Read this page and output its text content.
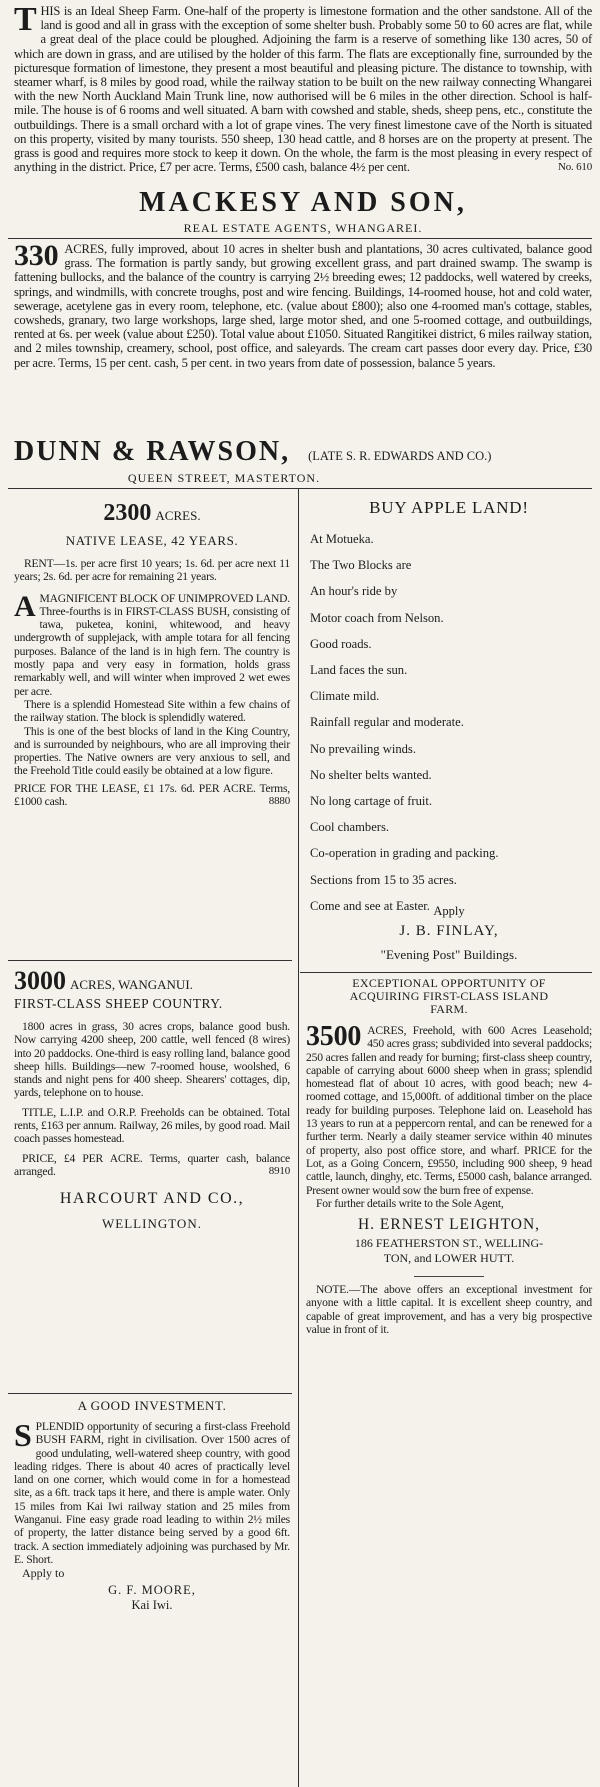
THIS is an Ideal Sheep Farm. One-half of the property is limestone formation and the other sandstone. All of the land is good and all in grass with the exception of some shelter bush. Probably some 50 to 60 acres are flat, while a great deal of the place could be ploughed. Adjoining the farm is a reserve of something like 130 acres, 50 of which are down in grass, and are utilised by the holder of this farm. The flats are exceptionally fine, surrounded by the picturesque formation of limestone, they present a most beautiful and pleasing picture. The distance to township, with steamer wharf, is 8 miles by good road, while the railway station to be built on the new railway connecting Whangarei with the new North Auckland Main Trunk line, now authorised will be 6 miles in the other direction. School is half-mile. The house is of 6 rooms and well situated. A barn with cowshed and stable, sheds, sheep pens, etc., constitute the outbuildings. There is a small orchard with a lot of grape vines. The very finest limestone cave of the North is situated on this property, visited by many tourists. 550 sheep, 130 head cattle, and 8 horses are on the property at present. The grass is good and requires more stock to keep it down. On the whole, the farm is the most pleasing in every respect of anything in the district. Price, £7 per acre. Terms, £500 cash, balance 4½ per cent.	No. 610

MACKESY AND SON,
REAL ESTATE AGENTS, WHANGAREI.

330 ACRES, fully improved, about 10 acres in shelter bush and plantations, 30 acres cultivated, balance good grass. The formation is partly sandy, but growing excellent grass, and part drained swamp. The swamp is fattening bullocks, and the balance of the country is carrying 2½ breeding ewes; 12 paddocks, well watered by creeks, springs, and windmills, with concrete troughs, post and wire fencing. Buildings, 14-roomed house, hot and cold water, sewerage, acetylene gas in every room, telephone, etc. (value about £800); also one 4-roomed man's cottage, stables, cowsheds, granary, two large workshops, large shed, large motor shed, and one 5-roomed cottage, and outbuildings, rented at 6s. per week (value about £250). Total value about £1050. Situated Rangitikei district, 6 miles railway station, and 2 miles township, creamery, school, post office, and saleyards. The cream cart passes door every day. Price, £30 per acre. Terms, 15 per cent. cash, 5 per cent. in two years from date of possession, balance 5 years.

DUNN & RAWSON, (LATE S. R. EDWARDS AND CO.)
QUEEN STREET, MASTERTON.
2300 ACRES.
NATIVE LEASE, 42 YEARS.

RENT—1s. per acre first 10 years; 1s. 6d. per acre next 11 years; 2s. 6d. per acre for remaining 21 years.

AMAGNIFICENT BLOCK OF UNIMPROVED LAND. Three-fourths is in FIRST-CLASS BUSH, consisting of tawa, puketea, konini, whitewood, and heavy undergrowth of supplejack, with ample totara for all fencing purposes. Balance of the land is in high fern. The country is mostly papa and very easy in formation, holds grass remarkably well, and will winter when improved 2 wet ewes per acre.

There is a splendid Homestead Site within a few chains of the railway station. The block is splendidly watered.

This is one of the best blocks of land in the King Country, and is surrounded by neighbours, who are all improving their properties. The Native owners are very anxious to sell, and the Freehold Title could easily be obtained at a low figure.

PRICE FOR THE LEASE, £1 17s. 6d. PER ACRE. Terms, £1000 cash.	8880

3000 ACRES, WANGANUI.
FIRST-CLASS SHEEP COUNTRY.

1800 acres in grass, 30 acres crops, balance good bush. Now carrying 4200 sheep, 200 cattle, well fenced (8 wires) into 20 paddocks. One-third is easy rolling land, balance good sheep hills. Buildings—new 7-roomed house, woolshed, 6 stands and night pens for 400 sheep. Shearers' cottages, dip, yards, telephone on to house.

TITLE, L.I.P. and O.R.P. Freeholds can be obtained. Total rents, £163 per annum. Railway, 26 miles, by good road. Mail coach passes homestead.

PRICE, £4 PER ACRE. Terms, quarter cash, balance arranged.	8910

HARCOURT AND CO.,
WELLINGTON.
A GOOD INVESTMENT.

SPLENDID opportunity of securing a first-class Freehold BUSH FARM, right in civilisation. Over 1500 acres of good undulating, well-watered sheep country, with good leading ridges. There is about 40 acres of practically level land on one corner, which would come in for a homestead site, as a 6ft. track taps it here, and there is ample water. Only 15 miles from Kai Iwi railway station and 25 miles from Wanganui. Fine easy grade road leading to within 2½ miles of property, the latter distance being served by a good 6ft. track. A section immediately adjoining was purchased by Mr. E. Short.

Apply to
G. F. MOORE,
Kai Iwi.
BUY APPLE LAND!
At Motueka.
The Two Blocks are
An hour's ride by
Motor coach from Nelson.
Good roads.
Land faces the sun.
Climate mild.
Rainfall regular and moderate.
No prevailing winds.
No shelter belts wanted.
No long cartage of fruit.
Cool chambers.
Co-operation in grading and packing.
Sections from 15 to 35 acres.
Come and see at Easter. Apply
J. B. FINLAY,
"Evening Post" Buildings.
EXCEPTIONAL OPPORTUNITY OF
ACQUIRING FIRST-CLASS ISLAND
FARM.

3500 ACRES, Freehold, with 600 Acres Leasehold; 450 acres grass; subdivided into several paddocks; 250 acres fallen and ready for burning; first-class sheep country, capable of carrying about 6000 sheep when in grass; splendid homestead flat of about 10 acres, with good beach; new 4-roomed cottage, and 15,000ft. of additional timber on the place ready for building purposes. Telephone laid on. Leasehold has 13 years to run at a peppercorn rental, and can be renewed for a further term. Nearly a daily steamer service within 40 minutes of property, also post office store, and wharf. PRICE for the Lot, as a Going Concern, £9550, including 900 sheep, 9 head cattle, launch, dinghy, etc. Terms, £5000 cash, balance arranged. Present owner would sow the burn free of expense.

For further details write to the Sole Agent,

H. ERNEST LEIGHTON,
186 FEATHERSTON ST., WELLING-
TON, and LOWER HUTT.

NOTE.—The above offers an exceptional investment for anyone with a little capital. It is excellent sheep country, and capable of great improvement, and has a very big prospective value in front of it.
